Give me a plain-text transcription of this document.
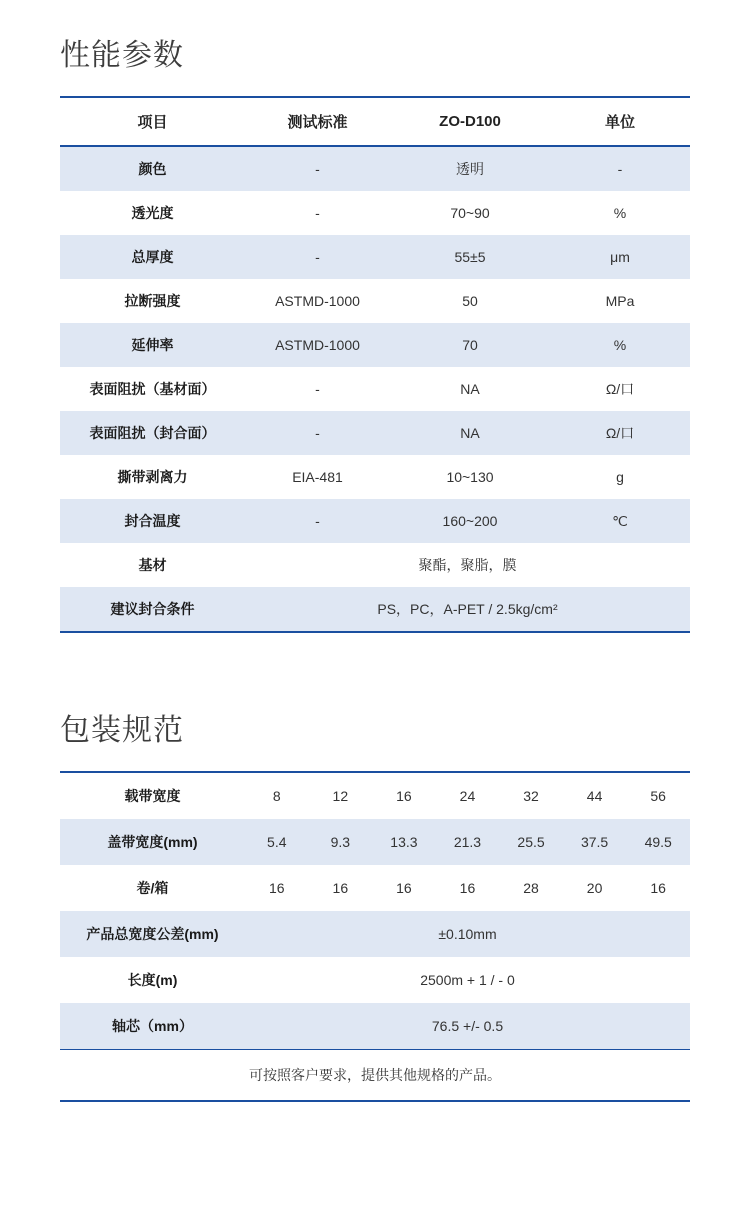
性能参数
项目	测试标准	ZO-D100	单位
颜色	-	透明	-
透光度	-	70~90	%
总厚度	-	55±5	μm
拉断强度	ASTMD-1000	50	MPa
延伸率	ASTMD-1000	70	%
表面阻扰（基材面）	-	NA	Ω/口
表面阻扰（封合面）	-	NA	Ω/口
撕带剥离力	EIA-481	10~130	g
封合温度	-	160~200	℃
基材	聚酯，聚脂，膜		
建议封合条件	PS，PC，A-PET / 2.5kg/cm²		
包装规范
载带宽度	8	12	16	24	32	44	56
盖带宽度(mm)	5.4	9.3	13.3	21.3	25.5	37.5	49.5
卷/箱	16	16	16	16	28	20	16
产品总宽度公差(mm)	±0.10mm						
长度(m)	2500m + 1 / - 0						
轴芯（mm）	76.5 +/- 0.5						
可按照客户要求，提供其他规格的产品。							
